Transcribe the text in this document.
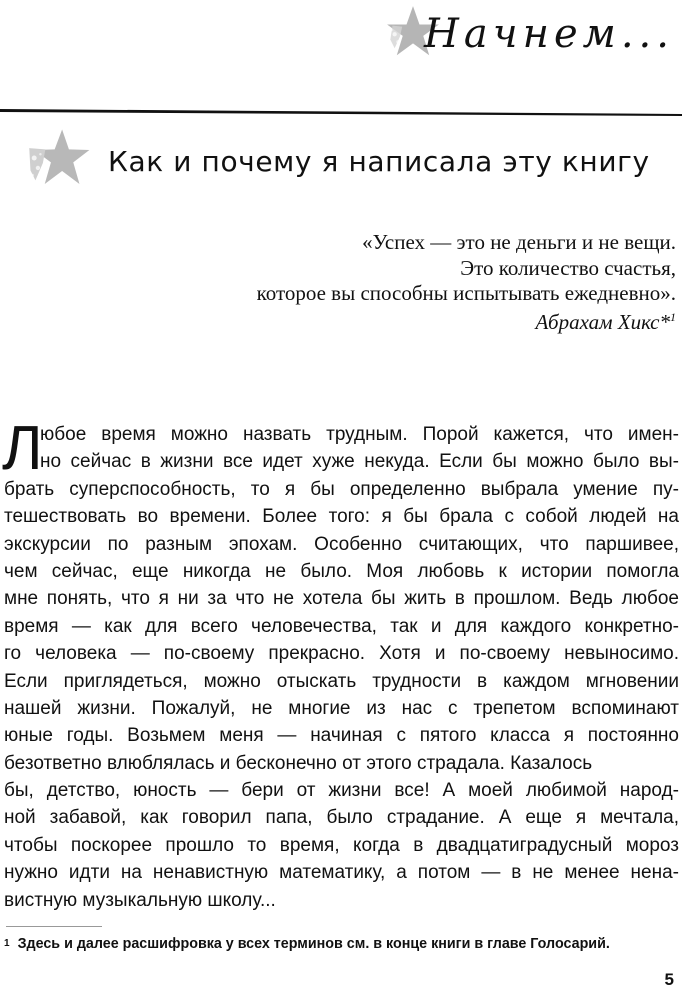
Начнем...
Как и почему я написала эту книгу
«Успех — это не деньги и не вещи.
Это количество счастья,
которое вы способны испытывать ежедневно».
Абрахам Хикс*$^1$
Л
юбое время можно назвать трудным. Порой кажется, что имен-
но сейчас в жизни все идет хуже некуда. Если бы можно было вы-
брать суперспособность, то я бы определенно выбрала умение пу-
тешествовать во времени. Более того: я бы брала с собой людей на
экскурсии по разным эпохам. Особенно считающих, что паршивее,
чем сейчас, еще никогда не было. Моя любовь к истории помогла
мне понять, что я ни за что не хотела бы жить в прошлом. Ведь любое
время — как для всего человечества, так и для каждого конкретно-
го человека — по-своему прекрасно. Хотя и по-своему невыносимо.
Если приглядеться, можно отыскать трудности в каждом мгновении
нашей жизни. Пожалуй, не многие из нас с трепетом вспоминают
юные годы. Возьмем меня — начиная с пятого класса я постоянно
безответно влюблялась и бесконечно от этого страдала. Казалось
бы, детство, юность — бери от жизни все! А моей любимой народ-
ной забавой, как говорил папа, было страдание. А еще я мечтала,
чтобы поскорее прошло то время, когда в двадцатиградусный мороз
нужно идти на ненавистную математику, а потом — в не менее нена-
вистную музыкальную школу...
$^1$ Здесь и далее расшифровка у всех терминов см. в конце книги в главе Голосарий.
5
